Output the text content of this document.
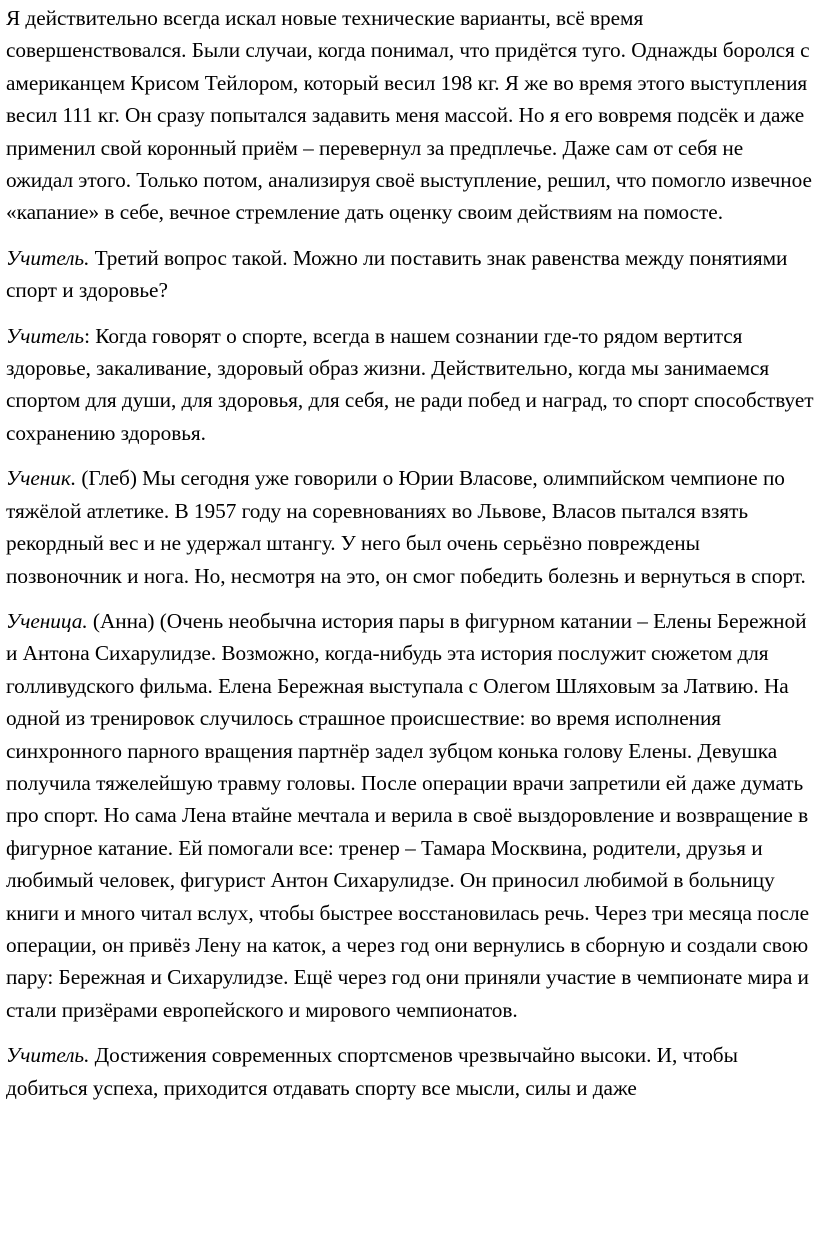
Я действительно всегда искал новые технические варианты, всё время совершенствовался. Были случаи, когда понимал, что придётся туго. Однажды боролся с американцем Крисом Тейлором, который весил 198 кг. Я же во время этого выступления весил 111 кг. Он сразу попытался задавить меня массой. Но я его вовремя подсёк и даже применил свой коронный приём – перевернул за предплечье. Даже сам от себя не ожидал этого. Только потом, анализируя своё выступление, решил, что помогло извечное «капание» в себе, вечное стремление дать оценку своим действиям на помосте.

Учитель. Третий вопрос такой. Можно ли поставить знак равенства между понятиями спорт и здоровье?

Учитель: Когда говорят о спорте, всегда в нашем сознании где-то рядом вертится здоровье, закаливание, здоровый образ жизни. Действительно, когда мы занимаемся спортом для души, для здоровья, для себя, не ради побед и наград, то спорт способствует сохранению здоровья.

Ученик. (Глеб) Мы сегодня уже говорили о Юрии Власове, олимпийском чемпионе по тяжёлой атлетике. В 1957 году на соревнованиях во Львове, Власов пытался взять рекордный вес и не удержал штангу. У него был очень серьёзно повреждены позвоночник и нога. Но, несмотря на это, он смог победить болезнь и вернуться в спорт.

Ученица. (Анна) (Очень необычна история пары в фигурном катании – Елены Бережной и Антона Сихарулидзе. Возможно, когда-нибудь эта история послужит сюжетом для голливудского фильма. Елена Бережная выступала с Олегом Шляховым за Латвию. На одной из тренировок случилось страшное происшествие: во время исполнения синхронного парного вращения партнёр задел зубцом конька голову Елены. Девушка получила тяжелейшую травму головы. После операции врачи запретили ей даже думать про спорт. Но сама Лена втайне мечтала и верила в своё выздоровление и возвращение в фигурное катание. Ей помогали все: тренер – Тамара Москвина, родители, друзья и любимый человек, фигурист Антон Сихарулидзе. Он приносил любимой в больницу книги и много читал вслух, чтобы быстрее восстановилась речь. Через три месяца после операции, он привёз Лену на каток, а через год они вернулись в сборную и создали свою пару: Бережная и Сихарулидзе. Ещё через год они приняли участие в чемпионате мира и стали призёрами европейского и мирового чемпионатов.

Учитель. Достижения современных спортсменов чрезвычайно высоки. И, чтобы добиться успеха, приходится отдавать спорту все мысли, силы и даже
